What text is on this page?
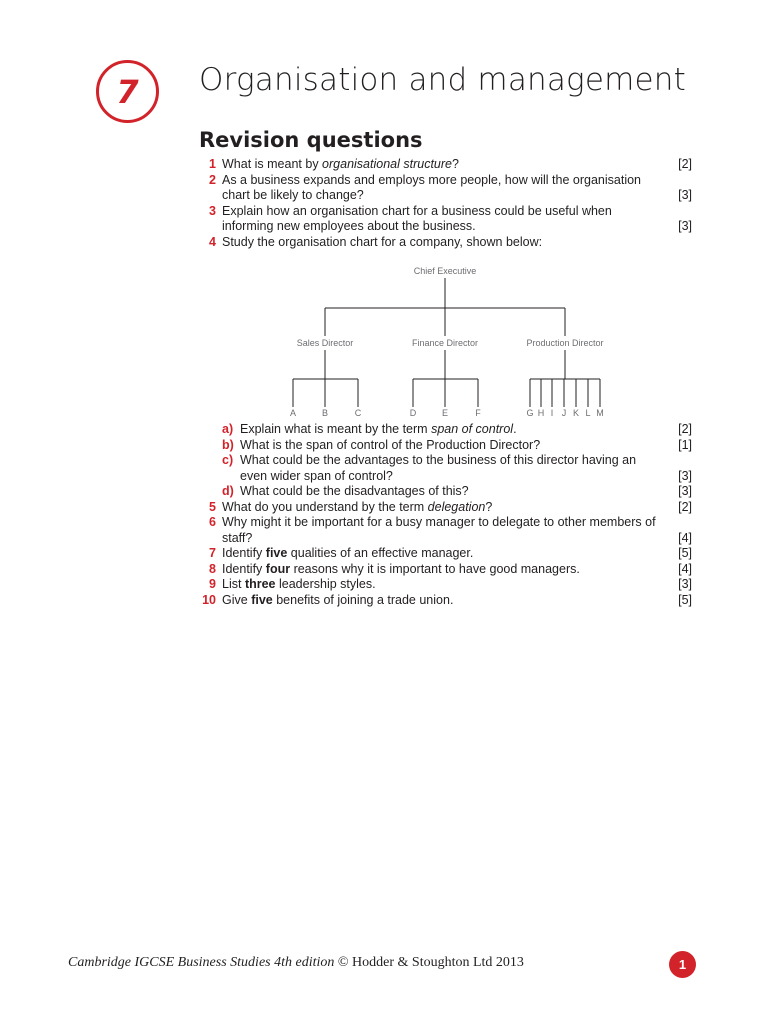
7 Organisation and management
Revision questions
1 What is meant by organisational structure?	[2]
2 As a business expands and employs more people, how will the organisation chart be likely to change?	[3]
3 Explain how an organisation chart for a business could be useful when informing new employees about the business.	[3]
4 Study the organisation chart for a company, shown below:
a) Explain what is meant by the term span of control.	[2]
b) What is the span of control of the Production Director?	[1]
c) What could be the advantages to the business of this director having an even wider span of control?	[3]
d) What could be the disadvantages of this?	[3]
5 What do you understand by the term delegation?	[2]
6 Why might it be important for a busy manager to delegate to other members of staff?	[4]
7 Identify five qualities of an effective manager.	[5]
8 Identify four reasons why it is important to have good managers.	[4]
9 List three leadership styles.	[3]
10 Give five benefits of joining a trade union.	[5]
Chief Executive
Sales Director
A	B	C
Finance Director
D	E	F
Production Director
G H I J K L M
Cambridge IGCSE Business Studies 4th edition © Hodder & Stoughton Ltd 2013	1
